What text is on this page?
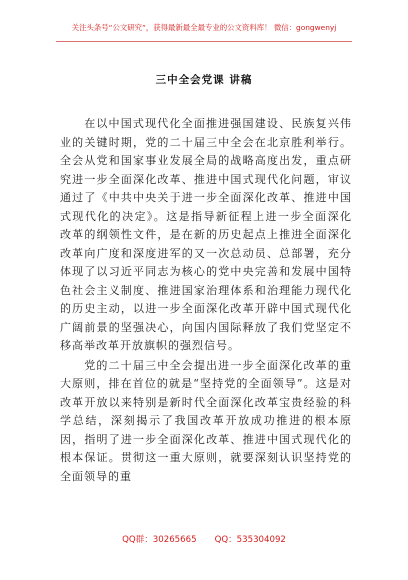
关注头条号“公文研究”，获得最新最全最专业的公文资料库！ 微信：gongwenyj
三中全会党课 讲稿

在以中国式现代化全面推进强国建设、民族复兴伟业的关键时期，党的二十届三中全会在北京胜利举行。全会从党和国家事业发展全局的战略高度出发，重点研究进一步全面深化改革、推进中国式现代化问题，审议通过了《中共中央关于进一步全面深化改革、推进中国式现代化的决定》。这是指导新征程上进一步全面深化改革的纲领性文件，是在新的历史起点上推进全面深化改革向广度和深度进军的又一次总动员、总部署，充分体现了以习近平同志为核心的党中央完善和发展中国特色社会主义制度、推进国家治理体系和治理能力现代化的历史主动，以进一步全面深化改革开辟中国式现代化广阔前景的坚强决心，向国内国际释放了我们党坚定不移高举改革开放旗帜的强烈信号。

党的二十届三中全会提出进一步全面深化改革的重大原则，排在首位的就是“坚持党的全面领导”。这是对改革开放以来特别是新时代全面深化改革宝贵经验的科学总结，深刻揭示了我国改革开放成功推进的根本原因，指明了进一步全面深化改革、推进中国式现代化的根本保证。贯彻这一重大原则，就要深刻认识坚持党的全面领导的重

QQ群：30265665 QQ：535304092
